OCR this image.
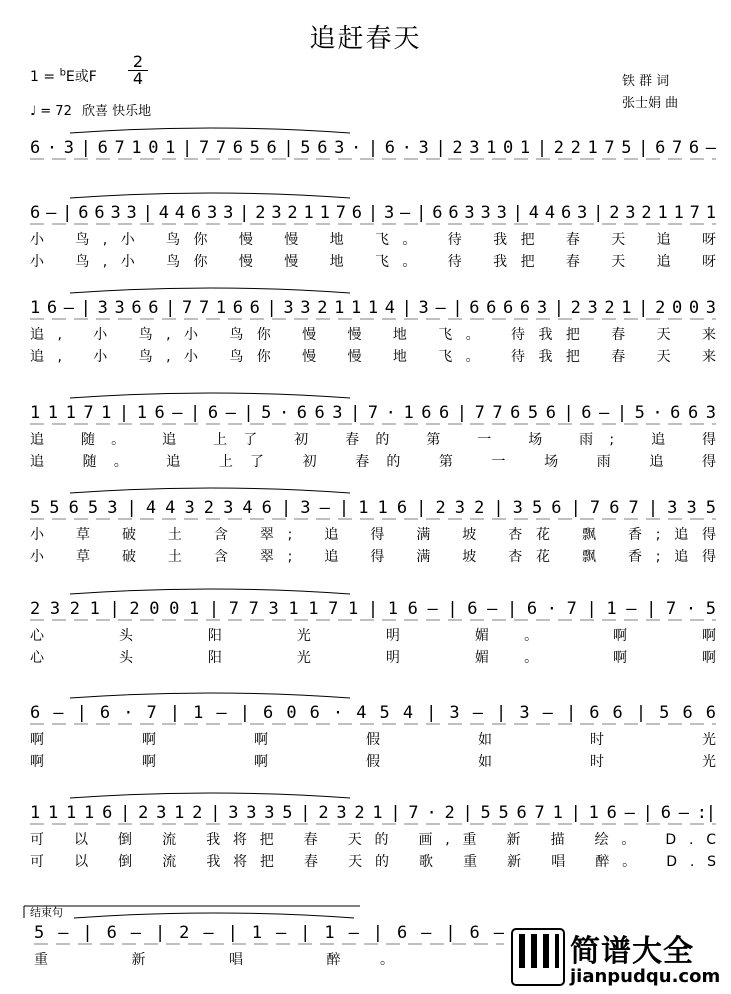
6 · 3 | 6 7 1 0 1 | 7 7 6 5 6 | 5 6 3 · | 6 · 3 | 2 3 1 0 1 | 2 2 1 7 5 | 6 7 6 –
6 – | 6 6 3 3 | 4 4 6 3 3 | 2 3 2 1 1 7 6 | 3 – | 6 6 3 3 3 | 4 4 6 3 | 2 3 2 1 1 7 1
小 鸟,小 鸟你 慢 慢 地 飞。 待 我把 春 天 追 呀
小 鸟,小 鸟你 慢 慢 地 飞。 待 我把 春 天 追 呀
1 6 – | 3 3 6 6 | 7 7 1 6 6 | 3 3 2 1 1 1 4 | 3 – | 6 6 6 6 3 | 2 3 2 1 | 2 0 0 3
追, 小 鸟,小 鸟你 慢 慢 地 飞。 待我把 春 天 来
追, 小 鸟,小 鸟你 慢 慢 地 飞。 待我把 春 天 来
1 1 1 7 1 | 1 6 – | 6 – | 5 · 6 6 3 | 7 · 1 6 6 | 7 7 6 5 6 | 6 – | 5 · 6 6 3
追 随。 追 上了 初 春的 第 一 场 雨; 追 得
追 随。 追 上了 初 春的 第 一 场 雨 追 得
5 5 6 5 3 | 4 4 3 2 3 4 6 | 3 – | 1 1 6 | 2 3 2 | 3 5 6 | 7 6 7 | 3 3 5
小 草 破 土 含 翠; 追 得 满 坡 杏花 飘 香;追得
小 草 破 土 含 翠; 追 得 满 坡 杏花 飘 香;追得
2 3 2 1 | 2 0 0 1 | 7 7 3 1 1 7 1 | 1 6 – | 6 – | 6 · 7 | 1 – | 7 · 5
心 头 阳 光 明 媚。 啊 啊
心 头 阳 光 明 媚。 啊 啊
6 – | 6 · 7 | 1 – | 6 0 6 · 4 5 4 | 3 – | 3 – | 6 6 | 5 6 6
啊 啊 啊 假 如 时 光
啊 啊 啊 假 如 时 光
1 1 1 1 6 | 2 3 1 2 | 3 3 3 5 | 2 3 2 1 | 7 · 2 | 5 5 6 7 1 | 1 6 – | 6 – :|
可 以 倒 流 我将把 春 天的 画,重 新 描 绘。 D.C
可 以 倒 流 我将把 春 天的 歌 重 新 唱 醉。 D.S
5 – | 6 – | 2 – | 1 – | 1 – | 6 – | 6 –
重 新 唱 醉。
追赶春天
1 = $^b$E或F
2
4
♩ = 72 欣喜 快乐地
铁 群 词
张士娟 曲
结束句
简谱大全
jianpudqu.com
